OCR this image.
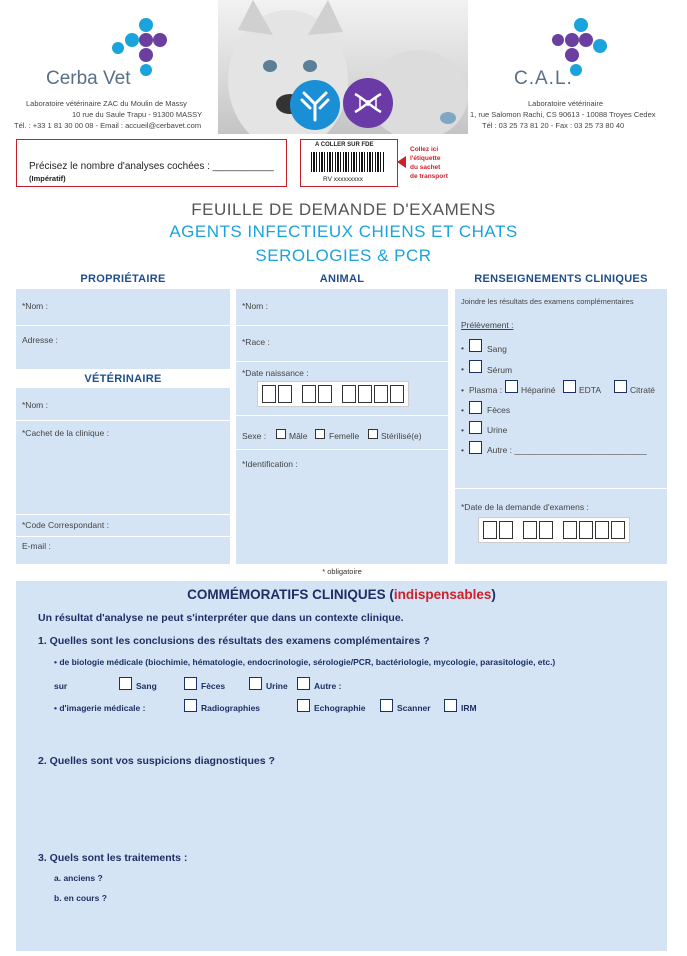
Cerba Vet
Laboratoire vétérinaire ZAC du Moulin de Massy
10 rue du Saule Trapu - 91300 MASSY
Tél. : +33 1 81 30 00 08 - Email : accueil@cerbavet.com
C.A.L.
Laboratoire vétérinaire
1, rue Salomon Rachi, CS 90613 - 10088 Troyes Cedex
Tél : 03 25 73 81 20 - Fax : 03 25 73 80 40
Précisez le nombre d'analyses cochées : ___________
(Impératif)
A COLLER SUR FDE
RV xxxxxxxxx
Collez ici
l'étiquette
du sachet
de transport
FEUILLE DE DEMANDE D'EXAMENS
AGENTS INFECTIEUX CHIENS ET CHATS
SEROLOGIES & PCR
PROPRIÉTAIRE
*Nom :
Adresse :
VÉTÉRINAIRE
*Nom :
*Cachet de la clinique :
*Code Correspondant :
E-mail :
ANIMAL
*Nom :
*Race :
*Date naissance :
Sexe :	Mâle	Femelle	Stérilisé(e)
*Identification :
* obligatoire
RENSEIGNEMENTS CLINIQUES
Joindre les résultats des examens complémentaires
Prélèvement :
•	Sang
•	Sérum
• Plasma : Hépariné	EDTA	Citraté
•	Fèces
•	Urine
•	Autre : ____________________________
*Date de la demande d'examens :
COMMÉMORATIFS CLINIQUES (indispensables)
Un résultat d'analyse ne peut s'interpréter que dans un contexte clinique.
1. Quelles sont les conclusions des résultats des examens complémentaires ?
• de biologie médicale (biochimie, hématologie, endocrinologie, sérologie/PCR, bactériologie, mycologie, parasitologie, etc.)
sur	Sang	Fèces	Urine	Autre :
• d'imagerie médicale :	Radiographies	Echographie	Scanner	IRM
2. Quelles sont vos suspicions diagnostiques ?
3. Quels sont les traitements :
a. anciens ?
b. en cours ?
